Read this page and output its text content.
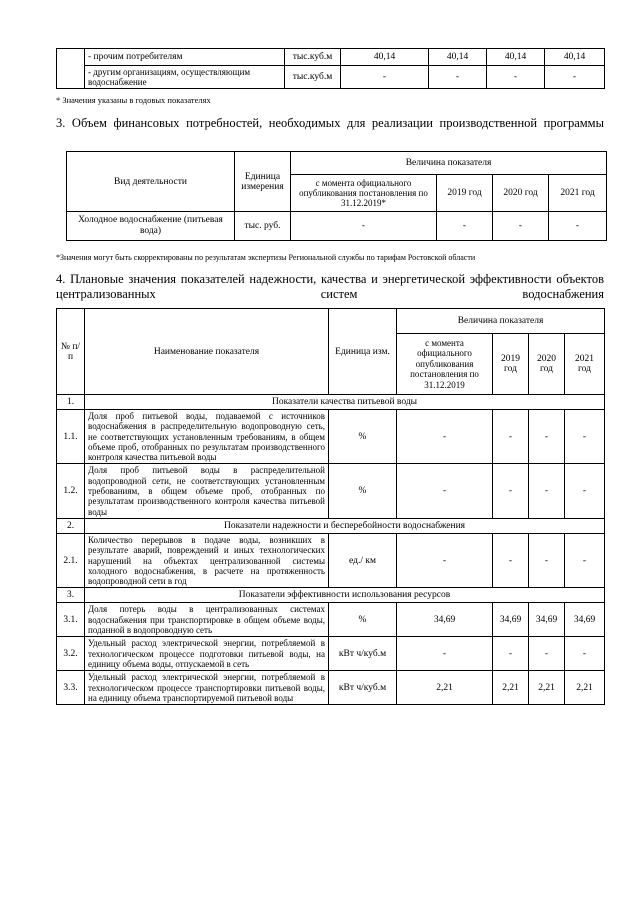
	- прочим потребителям	тыс.куб.м	40,14	40,14	40,14	40,14
	- другим организациям, осуществляющим водоснабжение	тыс.куб.м	-	-	-	-
* Значения указаны в годовых показателях
3. Объем финансовых потребностей, необходимых для реализации производственной программы
Вид деятельности	Единица измерения	Величина показателя			
		с момента официального опубликования постановления по 31.12.2019*	2019 год	2020 год	2021 год
Холодное водоснабжение (питьевая вода)	тыс. руб.	-	-	-	-
*Значения могут быть скорректированы по результатам экспертизы Региональной службы по тарифам Ростовской области
4. Плановые значения показателей надежности, качества и энергетической эффективности объектов централизованных систем водоснабжения
№ п/п	Наименование показателя	Единица изм.	Величина показателя			
			с момента официального опубликования постановления по 31.12.2019	2019 год	2020 год	2021 год
1.	Показатели качества питьевой воды					
1.1.	Доля проб питьевой воды, подаваемой с источников водоснабжения в распределительную водопроводную сеть, не соответствующих установленным требованиям, в общем объеме проб, отобранных по результатам производственного контроля качества питьевой воды	%	-	-	-	-
1.2.	Доля проб питьевой воды в распределительной водопроводной сети, не соответствующих установленным требованиям, в общем объеме проб, отобранных по результатам производственного контроля качества питьевой воды	%	-	-	-	-
2.	Показатели надежности и бесперебойности водоснабжения					
2.1.	Количество перерывов в подаче воды, возникших в результате аварий, повреждений и иных технологических нарушений на объектах централизованной системы холодного водоснабжения, в расчете на протяженность водопроводной сети в год	ед./ км	-	-	-	-
3.	Показатели эффективности использования ресурсов					
3.1.	Доля потерь воды в централизованных системах водоснабжения при транспортировке в общем объеме воды, поданной в водопроводную сеть	%	34,69	34,69	34,69	34,69
3.2.	Удельный расход электрической энергии, потребляемой в технологическом процессе подготовки питьевой воды, на единицу объема воды, отпускаемой в сеть	кВт ч/куб.м	-	-	-	-
3.3.	Удельный расход электрической энергии, потребляемой в технологическом процессе транспортировки питьевой воды, на единицу объема транспортируемой питьевой воды	кВт ч/куб.м	2,21	2,21	2,21	2,21
